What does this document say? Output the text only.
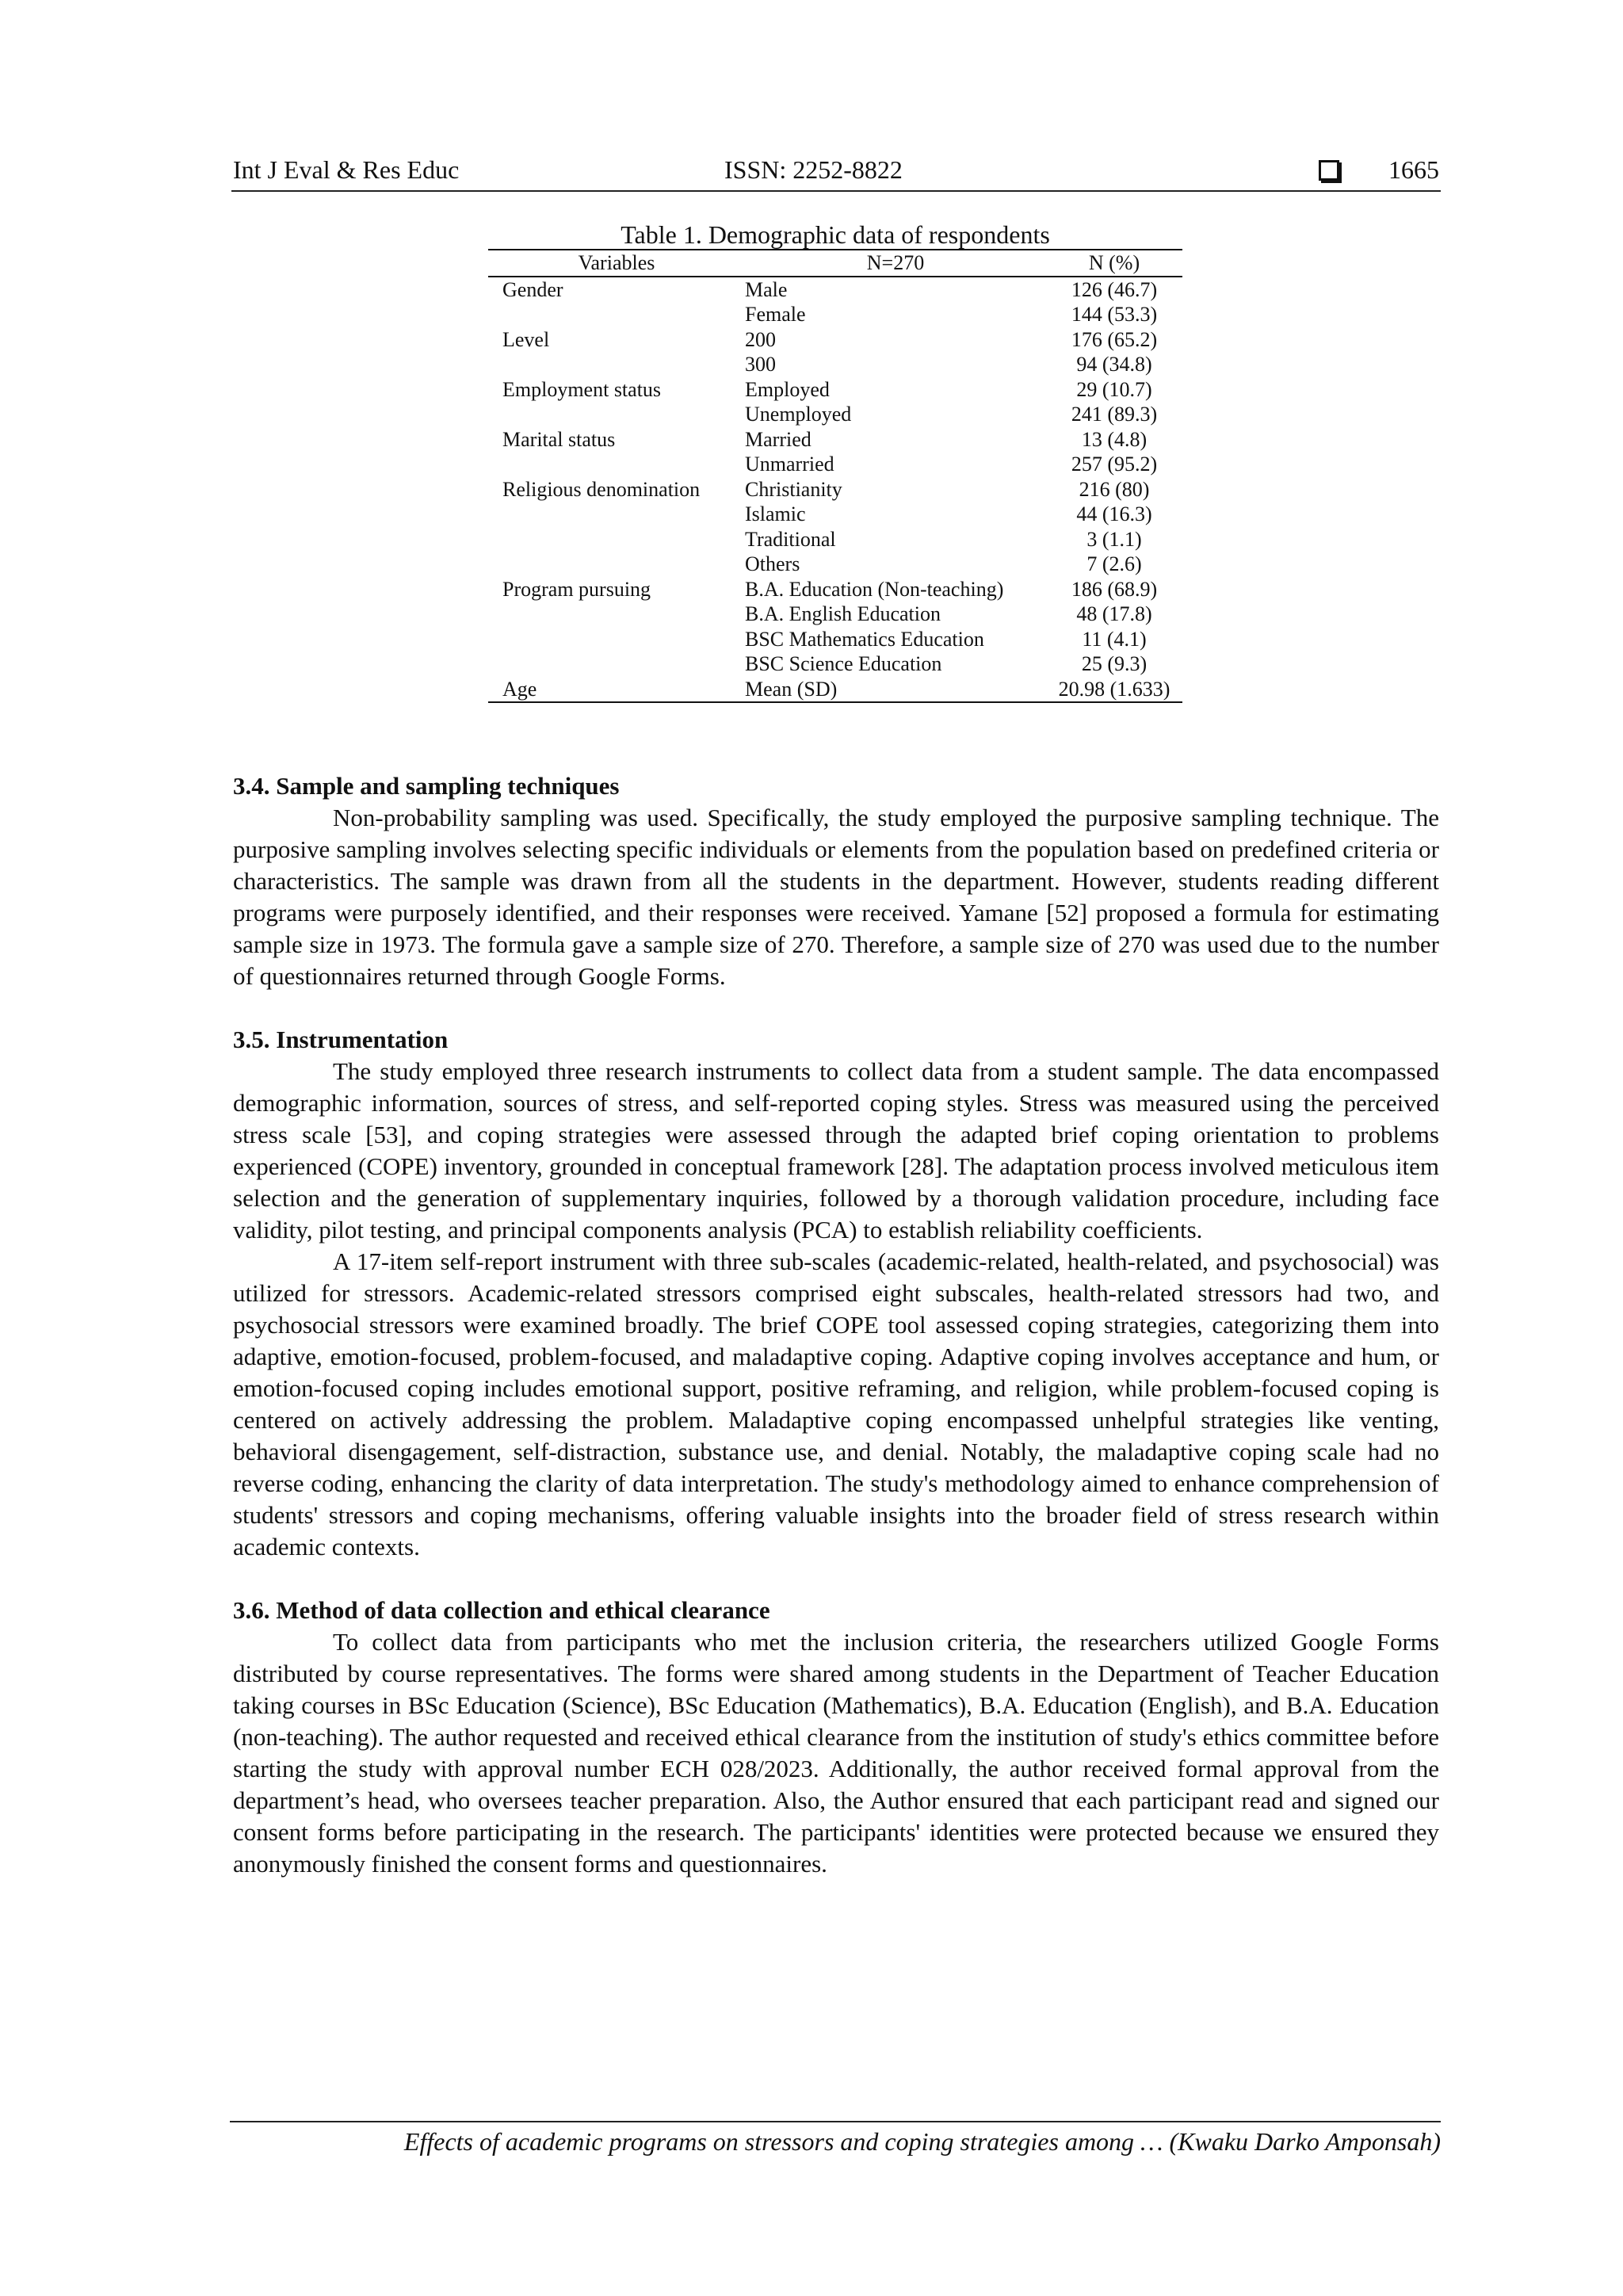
Int J Eval & Res Educ	ISSN: 2252-8822	1665
Table 1. Demographic data of respondents
Variables	N=270	N (%)
Gender	Male	126 (46.7)
	Female	144 (53.3)
Level	200	176 (65.2)
	300	94 (34.8)
Employment status	Employed	29 (10.7)
	Unemployed	241 (89.3)
Marital status	Married	13 (4.8)
	Unmarried	257 (95.2)
Religious denomination	Christianity	216 (80)
	Islamic	44 (16.3)
	Traditional	3 (1.1)
	Others	7 (2.6)
Program pursuing	B.A. Education (Non-teaching)	186 (68.9)
	B.A. English Education	48 (17.8)
	BSC Mathematics Education	11 (4.1)
	BSC Science Education	25 (9.3)
Age	Mean (SD)	20.98 (1.633)
3.4. Sample and sampling techniques

Non-probability sampling was used. Specifically, the study employed the purposive sampling technique. The purposive sampling involves selecting specific individuals or elements from the population based on predefined criteria or characteristics. The sample was drawn from all the students in the department. However, students reading different programs were purposely identified, and their responses were received. Yamane [52] proposed a formula for estimating sample size in 1973. The formula gave a sample size of 270. Therefore, a sample size of 270 was used due to the number of questionnaires returned through Google Forms.

3.5. Instrumentation

The study employed three research instruments to collect data from a student sample. The data encompassed demographic information, sources of stress, and self-reported coping styles. Stress was measured using the perceived stress scale [53], and coping strategies were assessed through the adapted brief coping orientation to problems experienced (COPE) inventory, grounded in conceptual framework [28]. The adaptation process involved meticulous item selection and the generation of supplementary inquiries, followed by a thorough validation procedure, including face validity, pilot testing, and principal components analysis (PCA) to establish reliability coefficients.

A 17-item self-report instrument with three sub-scales (academic-related, health-related, and psychosocial) was utilized for stressors. Academic-related stressors comprised eight subscales, health-related stressors had two, and psychosocial stressors were examined broadly. The brief COPE tool assessed coping strategies, categorizing them into adaptive, emotion-focused, problem-focused, and maladaptive coping. Adaptive coping involves acceptance and hum, or emotion-focused coping includes emotional support, positive reframing, and religion, while problem-focused coping is centered on actively addressing the problem. Maladaptive coping encompassed unhelpful strategies like venting, behavioral disengagement, self-distraction, substance use, and denial. Notably, the maladaptive coping scale had no reverse coding, enhancing the clarity of data interpretation. The study's methodology aimed to enhance comprehension of students' stressors and coping mechanisms, offering valuable insights into the broader field of stress research within academic contexts.

3.6. Method of data collection and ethical clearance

To collect data from participants who met the inclusion criteria, the researchers utilized Google Forms distributed by course representatives. The forms were shared among students in the Department of Teacher Education taking courses in BSc Education (Science), BSc Education (Mathematics), B.A. Education (English), and B.A. Education (non-teaching). The author requested and received ethical clearance from the institution of study's ethics committee before starting the study with approval number ECH 028/2023. Additionally, the author received formal approval from the department’s head, who oversees teacher preparation. Also, the Author ensured that each participant read and signed our consent forms before participating in the research. The participants' identities were protected because we ensured they anonymously finished the consent forms and questionnaires.

Effects of academic programs on stressors and coping strategies among … (Kwaku Darko Amponsah)
